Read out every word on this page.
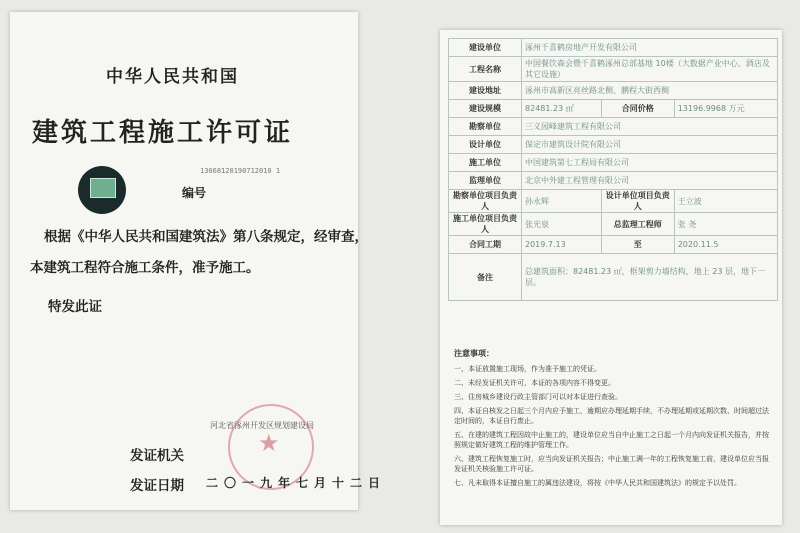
中华人民共和国
建筑工程施工许可证
编号
13068120190712010 1
根据《中华人民共和国建筑法》第八条规定，经审查，
本建筑工程符合施工条件，准予施工。
特发此证
★
河北省涿州开发区规划建设局
发证机关
发证日期 二〇一九年七月十二日
建设单位	涿州千喜鹤房地产开发有限公司		
工程名称	中国餐饮森会暨千喜鹤涿州总部基地 10楼（大数据产业中心、酒店及其它设施）		
建设地址	涿州市高新区亮丝路北侧、鹏程大街西侧		
建设规模	82481.23 ㎡	合同价格	13196.9968 万元
勘察单位	三义园峰建筑工程有限公司		
设计单位	保定市建筑设计院有限公司		
施工单位	中国建筑第七工程局有限公司		
监理单位	北京中外建工程管理有限公司		
勘察单位项目负责人	孙永辉	设计单位项目负责人	王立波
施工单位项目负责人	张光泉	总监理工程师	张 尧
合同工期	2019.7.13	至	2020.11.5
备注	总建筑面积：82481.23 ㎡，框架剪力墙结构，地上 23 层，地下一层。		
注意事项：
一、本证放置施工现场，作为准予施工的凭证。
二、未经发证机关许可，本证的各项内容不得变更。
三、住房城乡建设行政主管部门可以对本证进行查验。
四、本证自核发之日起三个月内应予施工，逾期应办理延期手续，不办理延期或延期次数、时间超过法定时间的，本证自行废止。
五、在建的建筑工程因故中止施工的，建设单位应当自中止施工之日起一个月内向发证机关报告，并按照规定做好建筑工程的维护管理工作。
六、建筑工程恢复施工时，应当向发证机关报告；中止施工满一年的工程恢复施工前，建设单位应当报发证机关核验施工许可证。
七、凡未取得本证擅自施工的属违法建设，将按《中华人民共和国建筑法》的规定予以处罚。
